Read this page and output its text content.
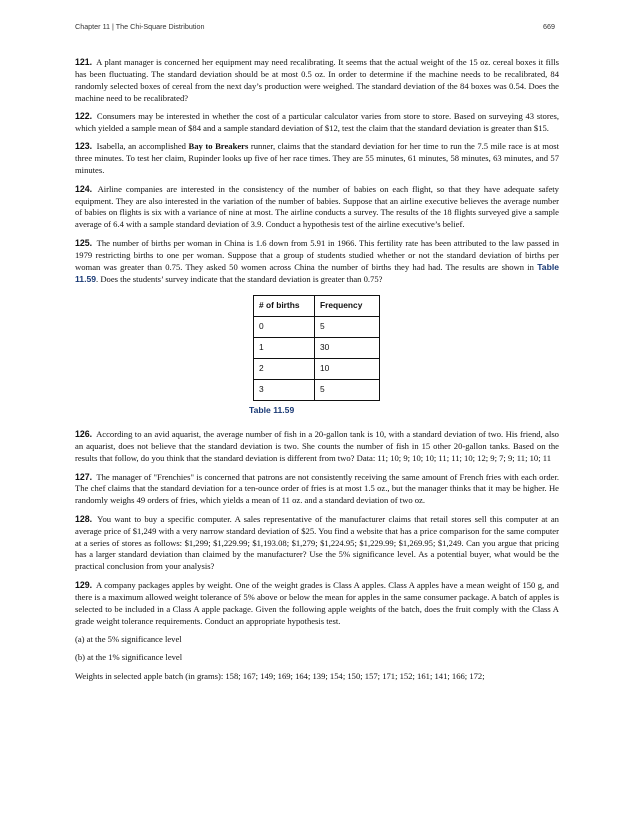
Chapter 11 | The Chi-Square Distribution	669

121. A plant manager is concerned her equipment may need recalibrating. It seems that the actual weight of the 15 oz. cereal boxes it fills has been fluctuating. The standard deviation should be at most 0.5 oz. In order to determine if the machine needs to be recalibrated, 84 randomly selected boxes of cereal from the next day’s production were weighed. The standard deviation of the 84 boxes was 0.54. Does the machine need to be recalibrated?

122. Consumers may be interested in whether the cost of a particular calculator varies from store to store. Based on surveying 43 stores, which yielded a sample mean of $84 and a sample standard deviation of $12, test the claim that the standard deviation is greater than $15.

123. Isabella, an accomplished Bay to Breakers runner, claims that the standard deviation for her time to run the 7.5 mile race is at most three minutes. To test her claim, Rupinder looks up five of her race times. They are 55 minutes, 61 minutes, 58 minutes, 63 minutes, and 57 minutes.

124. Airline companies are interested in the consistency of the number of babies on each flight, so that they have adequate safety equipment. They are also interested in the variation of the number of babies. Suppose that an airline executive believes the average number of babies on flights is six with a variance of nine at most. The airline conducts a survey. The results of the 18 flights surveyed give a sample average of 6.4 with a sample standard deviation of 3.9. Conduct a hypothesis test of the airline executive’s belief.

125. The number of births per woman in China is 1.6 down from 5.91 in 1966. This fertility rate has been attributed to the law passed in 1979 restricting births to one per woman. Suppose that a group of students studied whether or not the standard deviation of births per woman was greater than 0.75. They asked 50 women across China the number of births they had had. The results are shown in Table 11.59. Does the students’ survey indicate that the standard deviation is greater than 0.75?

# of births	Frequency
0	5
1	30
2	10
3	5
Table 11.59

126. According to an avid aquarist, the average number of fish in a 20-gallon tank is 10, with a standard deviation of two. His friend, also an aquarist, does not believe that the standard deviation is two. She counts the number of fish in 15 other 20-gallon tanks. Based on the results that follow, do you think that the standard deviation is different from two? Data: 11; 10; 9; 10; 10; 11; 11; 10; 12; 9; 7; 9; 11; 10; 11

127. The manager of "Frenchies" is concerned that patrons are not consistently receiving the same amount of French fries with each order. The chef claims that the standard deviation for a ten-ounce order of fries is at most 1.5 oz., but the manager thinks that it may be higher. He randomly weighs 49 orders of fries, which yields a mean of 11 oz. and a standard deviation of two oz.

128. You want to buy a specific computer. A sales representative of the manufacturer claims that retail stores sell this computer at an average price of $1,249 with a very narrow standard deviation of $25. You find a website that has a price comparison for the same computer at a series of stores as follows: $1,299; $1,229.99; $1,193.08; $1,279; $1,224.95; $1,229.99; $1,269.95; $1,249. Can you argue that pricing has a larger standard deviation than claimed by the manufacturer? Use the 5% significance level. As a potential buyer, what would be the practical conclusion from your analysis?

129. A company packages apples by weight. One of the weight grades is Class A apples. Class A apples have a mean weight of 150 g, and there is a maximum allowed weight tolerance of 5% above or below the mean for apples in the same consumer package. A batch of apples is selected to be included in a Class A apple package. Given the following apple weights of the batch, does the fruit comply with the Class A grade weight tolerance requirements. Conduct an appropriate hypothesis test.

(a) at the 5% significance level

(b) at the 1% significance level

Weights in selected apple batch (in grams): 158; 167; 149; 169; 164; 139; 154; 150; 157; 171; 152; 161; 141; 166; 172;
